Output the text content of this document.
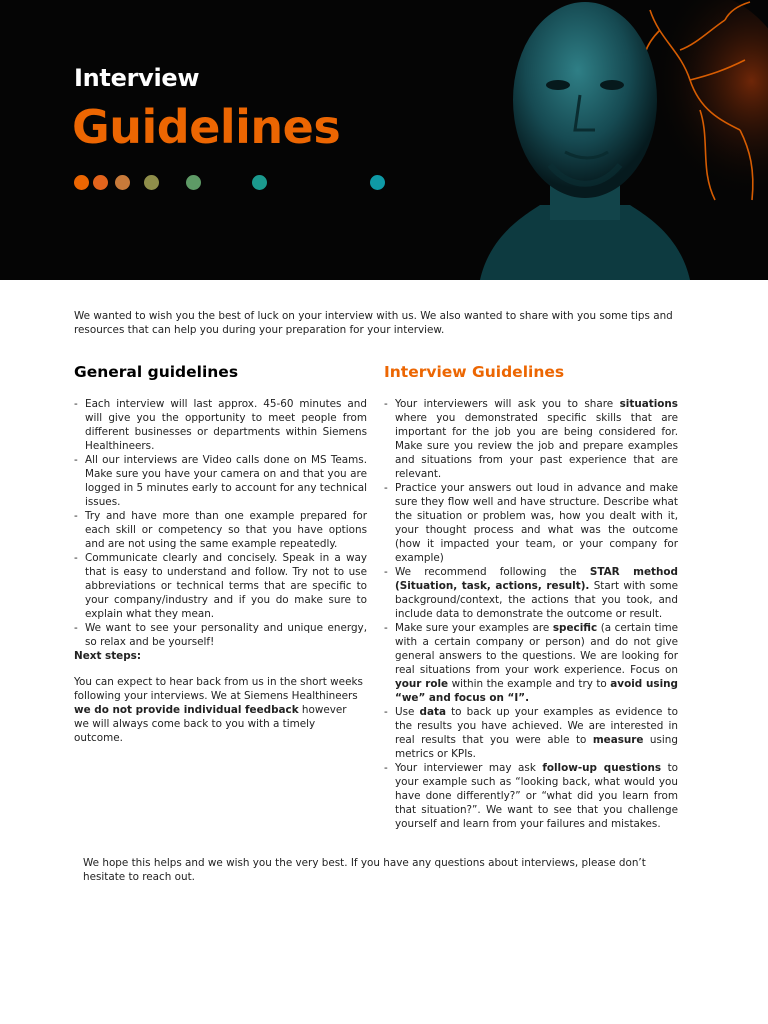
Interview
Guidelines
We wanted to wish you the best of luck on your interview with us. We also wanted to share with you some tips and resources that can help you during your preparation for your interview.
General guidelines	Interview Guidelines
- Each interview will last approx. 45-60 minutes and will give you the opportunity to meet people from different businesses or departments within Siemens Healthineers.
- All our interviews are Video calls done on MS Teams. Make sure you have your camera on and that you are logged in 5 minutes early to account for any technical issues.
- Try and have more than one example prepared for each skill or competency so that you have options and are not using the same example repeatedly.
- Communicate clearly and concisely. Speak in a way that is easy to understand and follow. Try not to use abbreviations or technical terms that are specific to your company/industry and if you do make sure to explain what they mean.
- We want to see your personality and unique energy, so relax and be yourself!
Next steps:
You can expect to hear back from us in the short weeks following your interviews. We at Siemens Healthineers we do not provide individual feedback however we will always come back to you with a timely outcome.
- Your interviewers will ask you to share situations where you demonstrated specific skills that are important for the job you are being considered for. Make sure you review the job and prepare examples and situations from your past experience that are relevant.
- Practice your answers out loud in advance and make sure they flow well and have structure. Describe what the situation or problem was, how you dealt with it, your thought process and what was the outcome (how it impacted your team, or your company for example)
- We recommend following the STAR method (Situation, task, actions, result). Start with some background/context, the actions that you took, and include data to demonstrate the outcome or result.
- Make sure your examples are specific (a certain time with a certain company or person) and do not give general answers to the questions. We are looking for real situations from your work experience. Focus on your role within the example and try to avoid using “we” and focus on “I”.
- Use data to back up your examples as evidence to the results you have achieved. We are interested in real results that you were able to measure using metrics or KPIs.
- Your interviewer may ask follow-up questions to your example such as “looking back, what would you have done differently?” or “what did you learn from that situation?”. We want to see that you challenge yourself and learn from your failures and mistakes.
We hope this helps and we wish you the very best. If you have any questions about interviews, please don’t hesitate to reach out.
